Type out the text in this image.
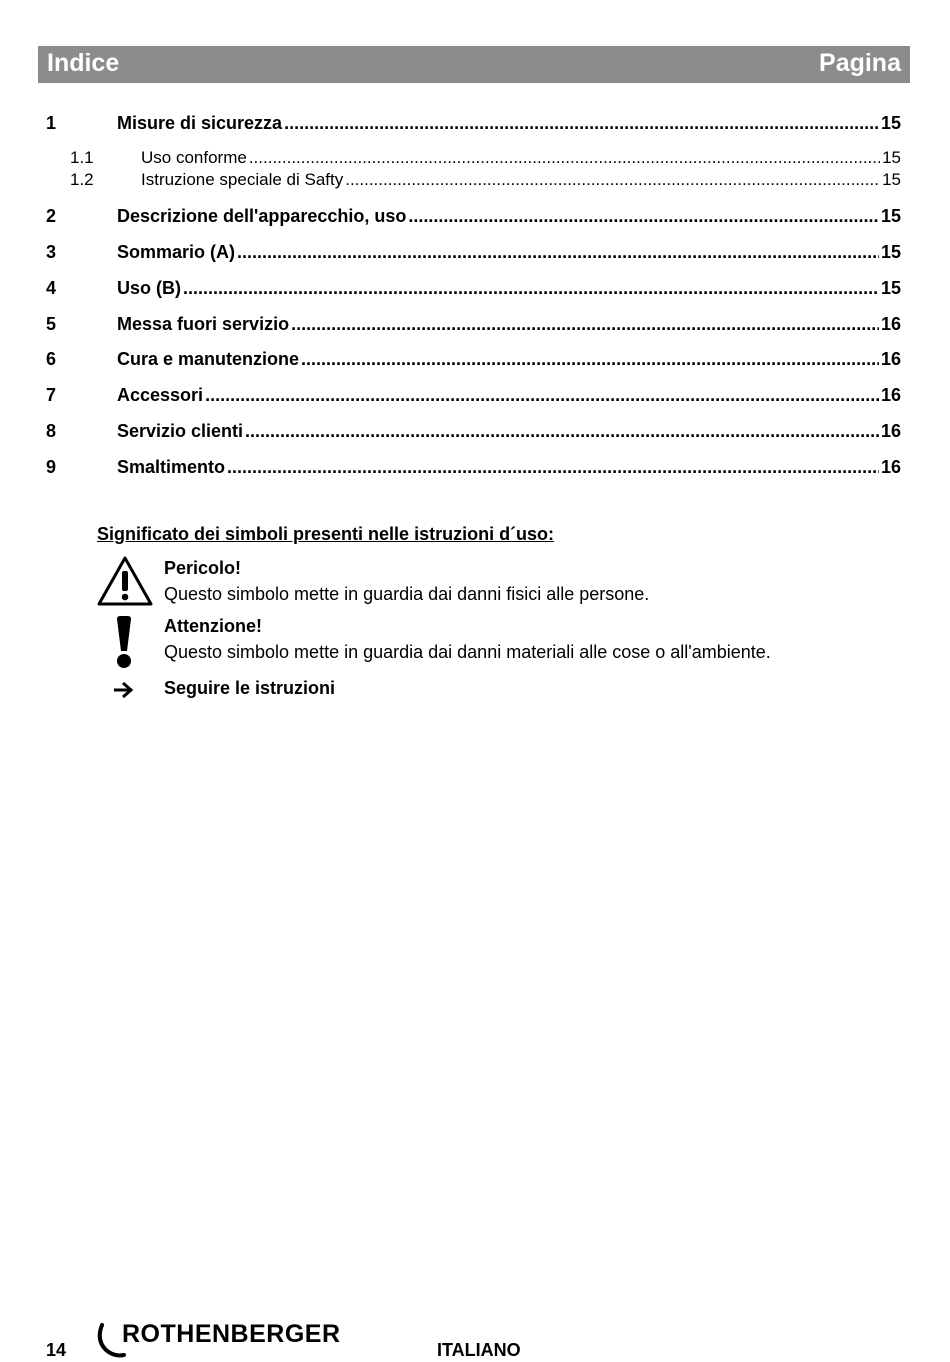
Indice	Pagina
1	Misure di sicurezza .....	15
1.1	Uso conforme .....	15
1.2	Istruzione speciale di Safty .....	15
2	Descrizione dell'apparecchio, uso .....	15
3	Sommario (A) .....	15
4	Uso (B) .....	15
5	Messa fuori servizio .....	16
6	Cura e manutenzione .....	16
7	Accessori .....	16
8	Servizio clienti .....	16
9	Smaltimento .....	16
Significato dei simboli presenti nelle istruzioni d´uso:
Pericolo!
Questo simbolo mette in guardia dai danni fisici alle persone.
Attenzione!
Questo simbolo mette in guardia dai danni materiali alle cose o all'ambiente.
Seguire le istruzioni
14
ROTHENBERGER
ITALIANO
